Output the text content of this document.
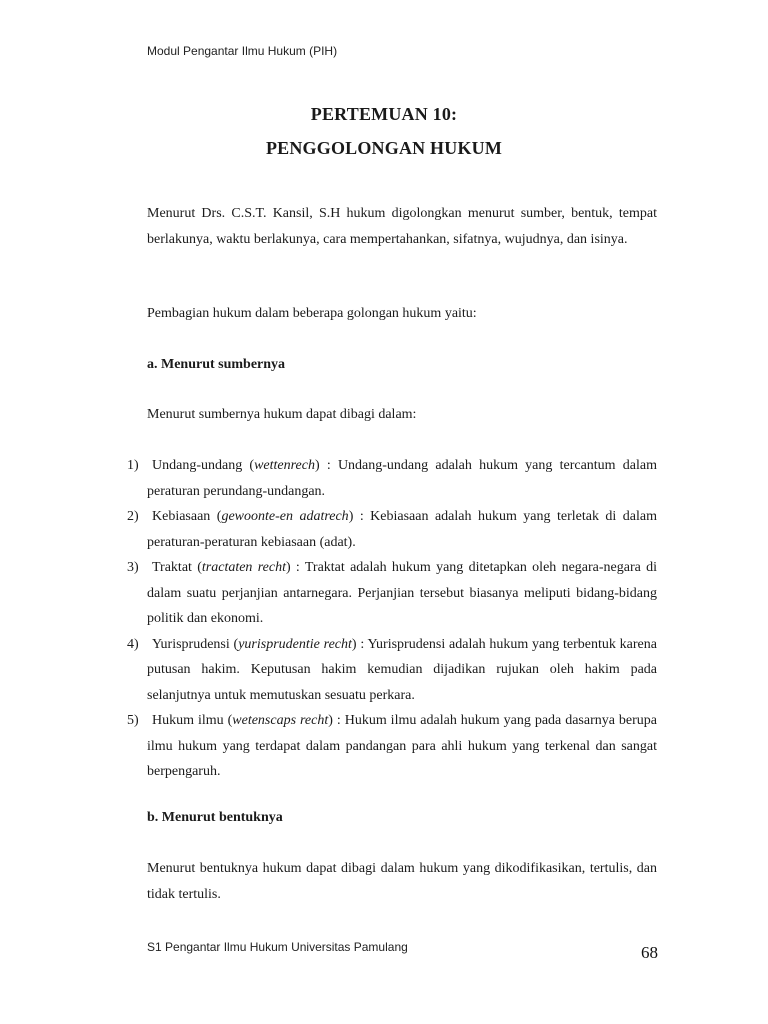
Modul Pengantar Ilmu Hukum (PIH)
PERTEMUAN 10:
PENGGOLONGAN HUKUM
Menurut Drs. C.S.T. Kansil, S.H hukum digolongkan menurut sumber, bentuk, tempat berlakunya, waktu berlakunya, cara mempertahankan, sifatnya, wujudnya, dan isinya.
Pembagian hukum dalam beberapa golongan hukum yaitu:
a. Menurut sumbernya
Menurut sumbernya hukum dapat dibagi dalam:
1) Undang-undang (wettenrech) : Undang-undang adalah hukum yang tercantum dalam peraturan perundang-undangan.
2) Kebiasaan (gewoonte-en adatrech) : Kebiasaan adalah hukum yang terletak di dalam peraturan-peraturan kebiasaan (adat).
3) Traktat (tractaten recht) : Traktat adalah hukum yang ditetapkan oleh negara-negara di dalam suatu perjanjian antarnegara. Perjanjian tersebut biasanya meliputi bidang-bidang politik dan ekonomi.
4) Yurisprudensi (yurisprudentie recht) : Yurisprudensi adalah hukum yang terbentuk karena putusan hakim. Keputusan hakim kemudian dijadikan rujukan oleh hakim pada selanjutnya untuk memutuskan sesuatu perkara.
5) Hukum ilmu (wetenscaps recht) : Hukum ilmu adalah hukum yang pada dasarnya berupa ilmu hukum yang terdapat dalam pandangan para ahli hukum yang terkenal dan sangat berpengaruh.
b. Menurut bentuknya
Menurut bentuknya hukum dapat dibagi dalam hukum yang dikodifikasikan, tertulis, dan tidak tertulis.
S1 Pengantar Ilmu Hukum Universitas Pamulang	68
